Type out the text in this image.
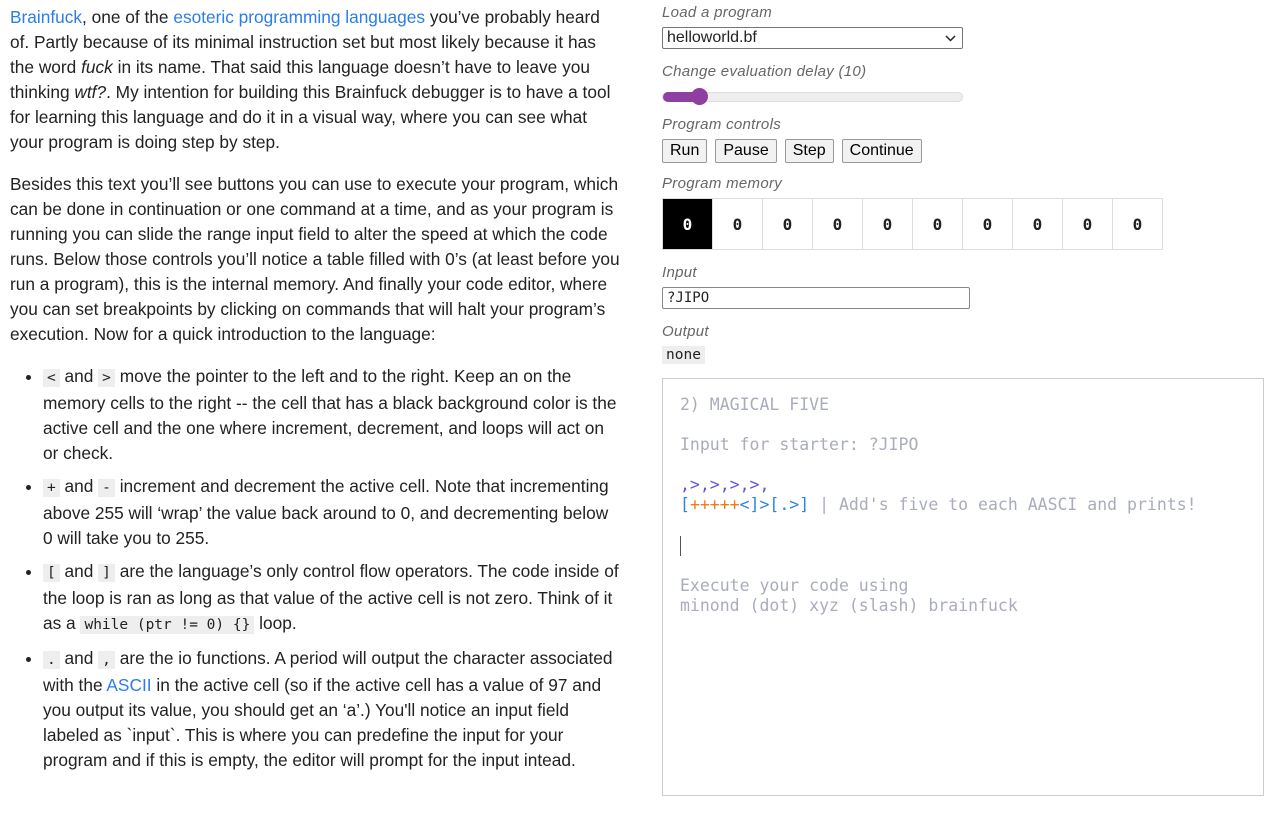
Brainfuck, one of the esoteric programming languages you’ve probably heard of. Partly because of its minimal instruction set but most likely because it has the word fuck in its name. That said this language doesn’t have to leave you thinking wtf?. My intention for building this Brainfuck debugger is to have a tool for learning this language and do it in a visual way, where you can see what your program is doing step by step.

Besides this text you’ll see buttons you can use to execute your program, which can be done in continuation or one command at a time, and as your program is running you can slide the range input field to alter the speed at which the code runs. Below those controls you’ll notice a table filled with 0’s (at least before you run a program), this is the internal memory. And finally your code editor, where you can set breakpoints by clicking on commands that will halt your program’s execution. Now for a quick introduction to the language:

• < and > move the pointer to the left and to the right. Keep an on the memory cells to the right -- the cell that has a black background color is the active cell and the one where increment, decrement, and loops will act on or check.
• + and - increment and decrement the active cell. Note that incrementing above 255 will ‘wrap’ the value back around to 0, and decrementing below 0 will take you to 255.
• [ and ] are the language’s only control flow operators. The code inside of the loop is ran as long as that value of the active cell is not zero. Think of it as a while (ptr != 0) {} loop.
• . and , are the io functions. A period will output the character associated with the ASCII in the active cell (so if the active cell has a value of 97 and you output its value, you should get an ‘a’.) You'll notice an input field labeled as `input`. This is where you can predefine the input for your program and if this is empty, the editor will prompt for the input intead.
Load a program
helloworld.bf
Change evaluation delay (10)
Program controls
Run	Pause	Step	Continue
Program memory
0	0	0	0	0	0	0	0	0	0
Input
?JIPO
Output
none
2) MAGICAL FIVE

Input for starter: ?JIPO

,>,>,>,>,
[+++++<]>[.>] | Add's five to each AASCI and prints!

Execute your code using
minond (dot) xyz (slash) brainfuck
